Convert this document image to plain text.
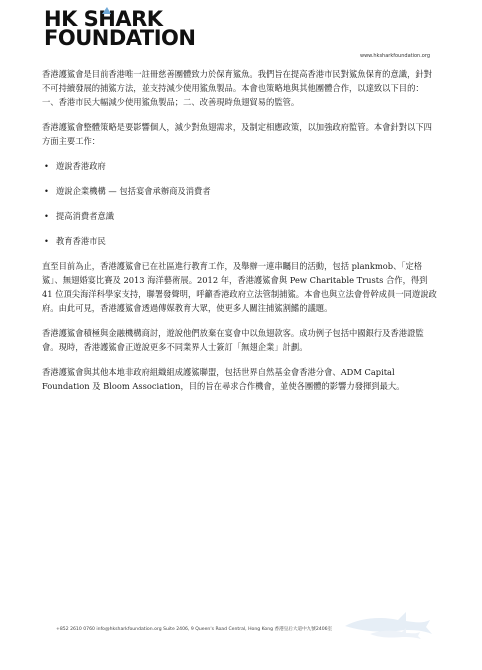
HK SHARK
FOUNDATION
www.hksharkfoundation.org

香港護鯊會是目前香港唯一註冊慈善團體致力於保育鯊魚。我們旨在提高香港市民對鯊魚保育的意識，針對不可持續發展的捕鯊方法，並支持減少使用鯊魚製品。本會也策略地與其他團體合作，以達致以下目的：一、香港市民大幅減少使用鯊魚製品；二、改善現時魚翅貿易的監管。

香港護鯊會整體策略是要影響個人，減少對魚翅需求，及制定相應政策，以加強政府監管。本會針對以下四方面主要工作：

• 遊說香港政府
• 遊說企業機構 — 包括宴會承辦商及消費者
• 提高消費者意識
• 教育香港市民

直至目前為止，香港護鯊會已在社區進行教育工作，及舉辦一連串矚目的活動，包括 plankmob、「定格鯊」、無翅婚宴比賽及 2013 海洋藝術展。2012 年，香港護鯊會與 Pew Charitable Trusts 合作，得到 41 位頂尖海洋科學家支持，聯署發聲明，呼籲香港政府立法管制捕鯊。本會也與立法會骨幹成員一同遊說政府。由此可見，香港護鯊會透過傳媒教育大眾，使更多人關注捕鯊割鰭的議題。

香港護鯊會積極與金融機構商討，遊說他們放棄在宴會中以魚翅款客。成功例子包括中國銀行及香港證監會。現時，香港護鯊會正遊說更多不同業界人士簽訂「無翅企業」計劃。

香港護鯊會與其他本地非政府組織組成護鯊聯盟，包括世界自然基金會香港分會、ADM Capital Foundation 及 Bloom Association，目的旨在尋求合作機會，並使各團體的影響力發揮到最大。

+852 2610 0760 info@hksharkfoundation.org Suite 2406, 9 Queen's Road Central, Hong Kong 香港皇后大道中九號2406室
